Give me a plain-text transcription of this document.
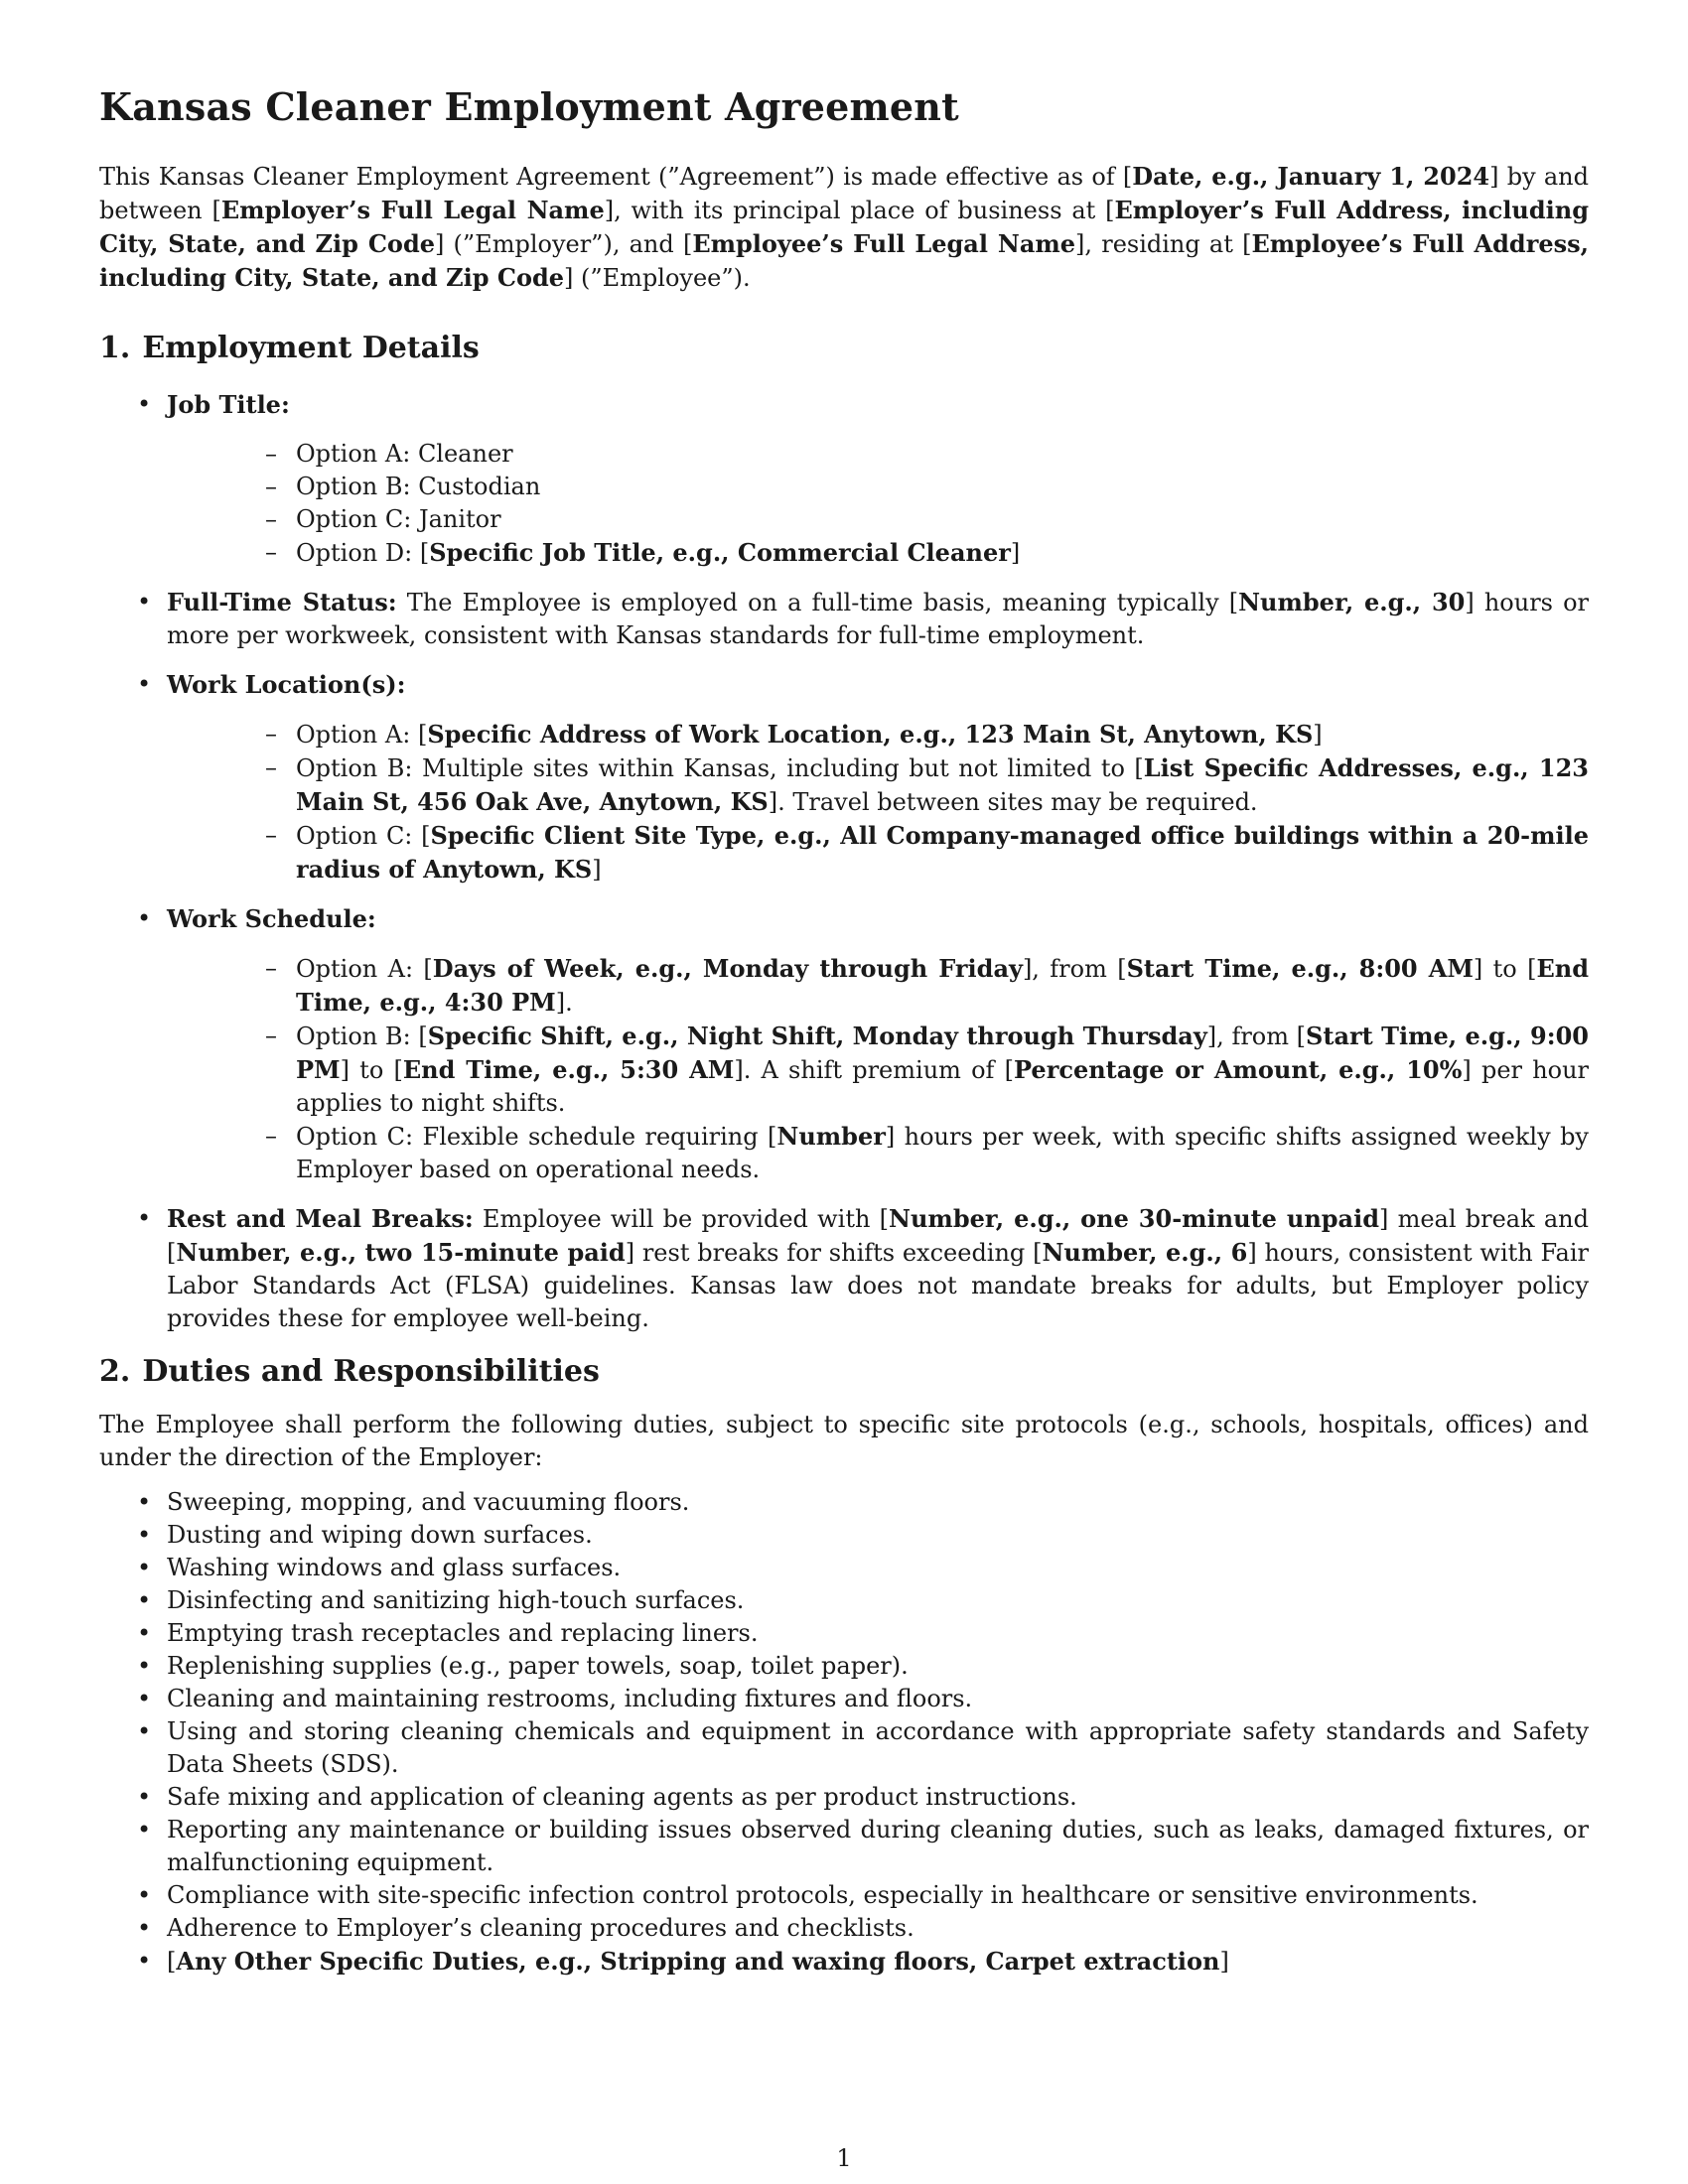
Kansas Cleaner Employment Agreement

This Kansas Cleaner Employment Agreement (”Agreement”) is made effective as of [Date, e.g., January 1, 2024] by and between [Employer’s Full Legal Name], with its principal place of business at [Employer’s Full Address, including City, State, and Zip Code] (”Employer”), and [Employee’s Full Legal Name], residing at [Employee’s Full Address, including City, State, and Zip Code] (”Employee”).

1. Employment Details
• Job Title:
– Option A: Cleaner
– Option B: Custodian
– Option C: Janitor
– Option D: [Specific Job Title, e.g., Commercial Cleaner]
• Full-Time Status: The Employee is employed on a full-time basis, meaning typically [Number, e.g., 30] hours or more per workweek, consistent with Kansas standards for full-time employment.
• Work Location(s):
– Option A: [Specific Address of Work Location, e.g., 123 Main St, Anytown, KS]
– Option B: Multiple sites within Kansas, including but not limited to [List Specific Addresses, e.g., 123 Main St, 456 Oak Ave, Anytown, KS]. Travel between sites may be required.
– Option C: [Specific Client Site Type, e.g., All Company-managed office buildings within a 20-mile radius of Anytown, KS]
• Work Schedule:
– Option A: [Days of Week, e.g., Monday through Friday], from [Start Time, e.g., 8:00 AM] to [End Time, e.g., 4:30 PM].
– Option B: [Specific Shift, e.g., Night Shift, Monday through Thursday], from [Start Time, e.g., 9:00 PM] to [End Time, e.g., 5:30 AM]. A shift premium of [Percentage or Amount, e.g., 10%] per hour applies to night shifts.
– Option C: Flexible schedule requiring [Number] hours per week, with specific shifts assigned weekly by Employer based on operational needs.
• Rest and Meal Breaks: Employee will be provided with [Number, e.g., one 30-minute unpaid] meal break and [Number, e.g., two 15-minute paid] rest breaks for shifts exceeding [Number, e.g., 6] hours, consistent with Fair Labor Standards Act (FLSA) guidelines. Kansas law does not mandate breaks for adults, but Employer policy provides these for employee well-being.
2. Duties and Responsibilities

The Employee shall perform the following duties, subject to specific site protocols (e.g., schools, hospitals, offices) and under the direction of the Employer:

• Sweeping, mopping, and vacuuming floors.
• Dusting and wiping down surfaces.
• Washing windows and glass surfaces.
• Disinfecting and sanitizing high-touch surfaces.
• Emptying trash receptacles and replacing liners.
• Replenishing supplies (e.g., paper towels, soap, toilet paper).
• Cleaning and maintaining restrooms, including fixtures and floors.
• Using and storing cleaning chemicals and equipment in accordance with appropriate safety standards and Safety Data Sheets (SDS).
• Safe mixing and application of cleaning agents as per product instructions.
• Reporting any maintenance or building issues observed during cleaning duties, such as leaks, damaged fixtures, or malfunctioning equipment.
• Compliance with site-specific infection control protocols, especially in healthcare or sensitive environments.
• Adherence to Employer’s cleaning procedures and checklists.
• [Any Other Specific Duties, e.g., Stripping and waxing floors, Carpet extraction]
1
